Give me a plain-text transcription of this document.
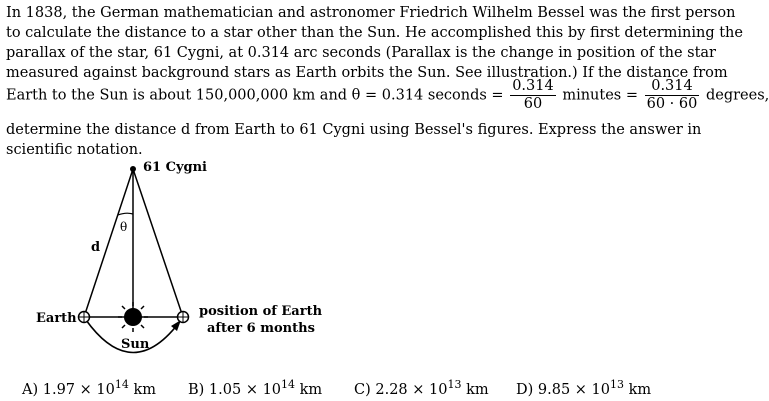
In 1838, the German mathematician and astronomer Friedrich Wilhelm Bessel was the first person

to calculate the distance to a star other than the Sun. He accomplished this by first determining the

parallax of the star, 61 Cygni, at 0.314 arc seconds (Parallax is the change in position of the star

measured against background stars as Earth orbits the Sun. See illustration.) If the distance from

Earth to the Sun is about 150,000,000 km and θ = 0.314 seconds = $\frac{0.314}{60}$ minutes = $\frac{0.314}{60 \cdot 60}$ degrees,

determine the distance d from Earth to 61 Cygni using Bessel's figures. Express the answer in

scientific notation.

61 Cygni
θ
d
Earth
Sun
position of Earth
after 6 months
A) $1.97 \times 10^{14}$ km B) $1.05 \times 10^{14}$ km C) $2.28 \times 10^{13}$ km D) $9.85 \times 10^{13}$ km
